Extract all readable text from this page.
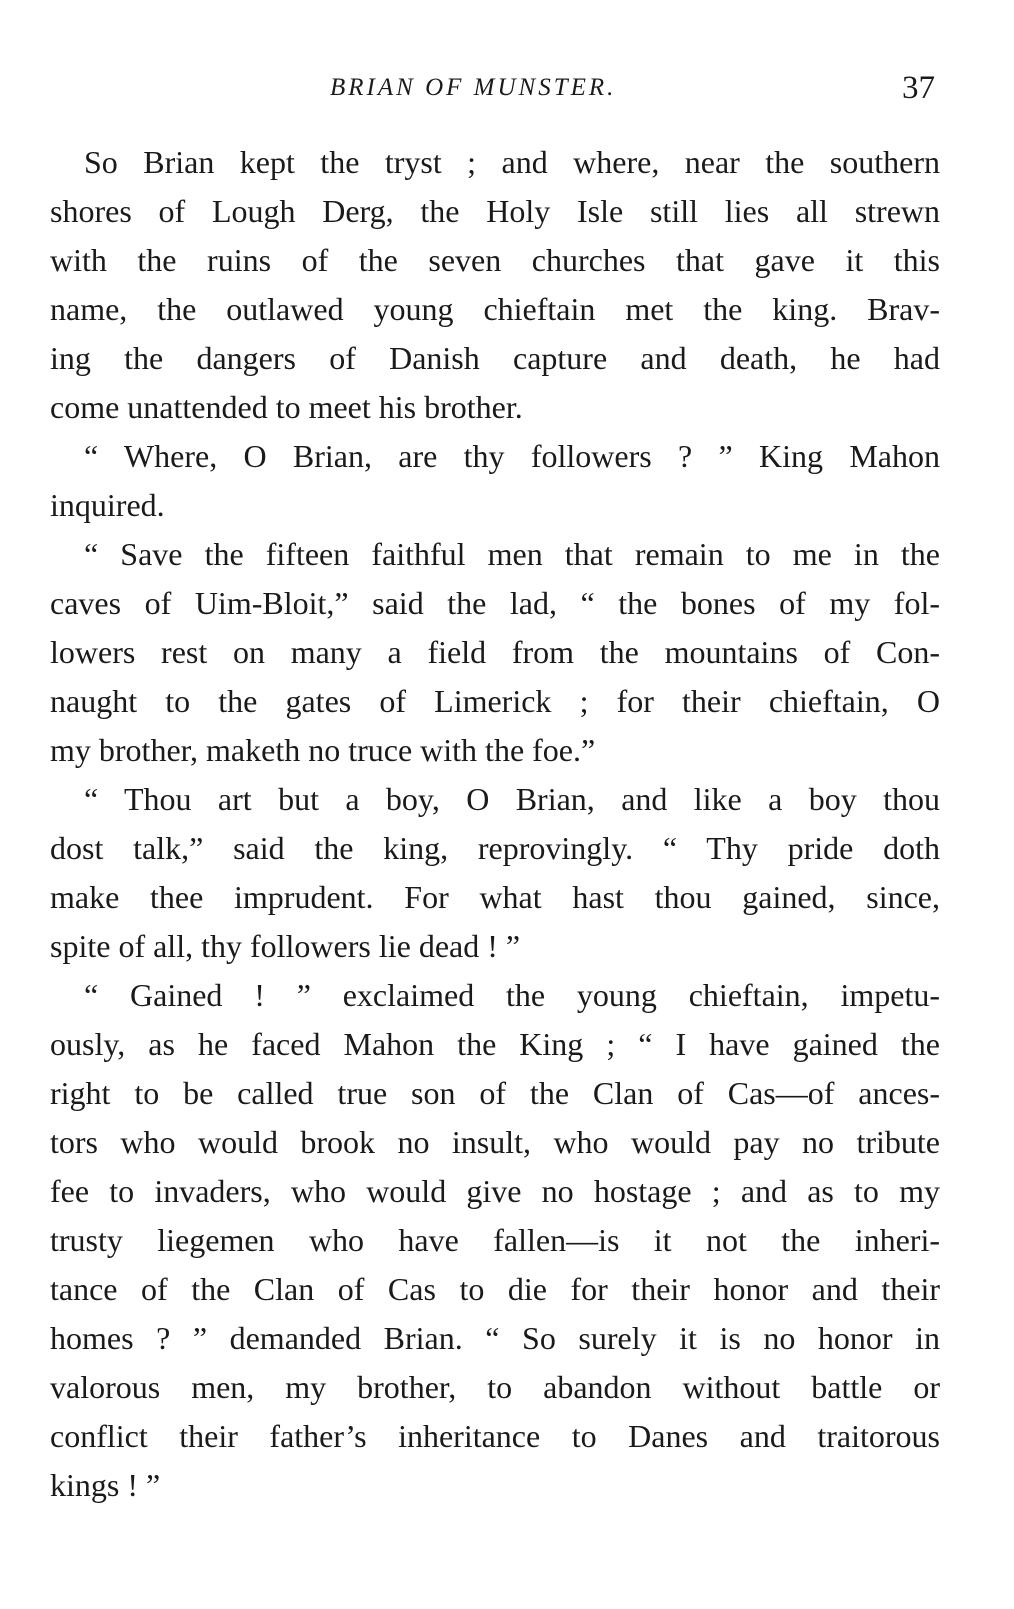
BRIAN OF MUNSTER.	37

So Brian kept the tryst ; and where, near the southern
shores of Lough Derg, the Holy Isle still lies all strewn
with the ruins of the seven churches that gave it this
name, the outlawed young chieftain met the king. Brav-
ing the dangers of Danish capture and death, he had
come unattended to meet his brother.

“ Where, O Brian, are thy followers ? ” King Mahon
inquired.

“ Save the fifteen faithful men that remain to me in the
caves of Uim-Bloit,” said the lad, “ the bones of my fol-
lowers rest on many a field from the mountains of Con-
naught to the gates of Limerick ; for their chieftain, O
my brother, maketh no truce with the foe.”

“ Thou art but a boy, O Brian, and like a boy thou
dost talk,” said the king, reprovingly. “ Thy pride doth
make thee imprudent. For what hast thou gained, since,
spite of all, thy followers lie dead ! ”

“ Gained ! ” exclaimed the young chieftain, impetu-
ously, as he faced Mahon the King ; “ I have gained the
right to be called true son of the Clan of Cas—of ances-
tors who would brook no insult, who would pay no tribute
fee to invaders, who would give no hostage ; and as to my
trusty liegemen who have fallen—is it not the inheri-
tance of the Clan of Cas to die for their honor and their
homes ? ” demanded Brian. “ So surely it is no honor in
valorous men, my brother, to abandon without battle or
conflict their father’s inheritance to Danes and traitorous
kings ! ”
